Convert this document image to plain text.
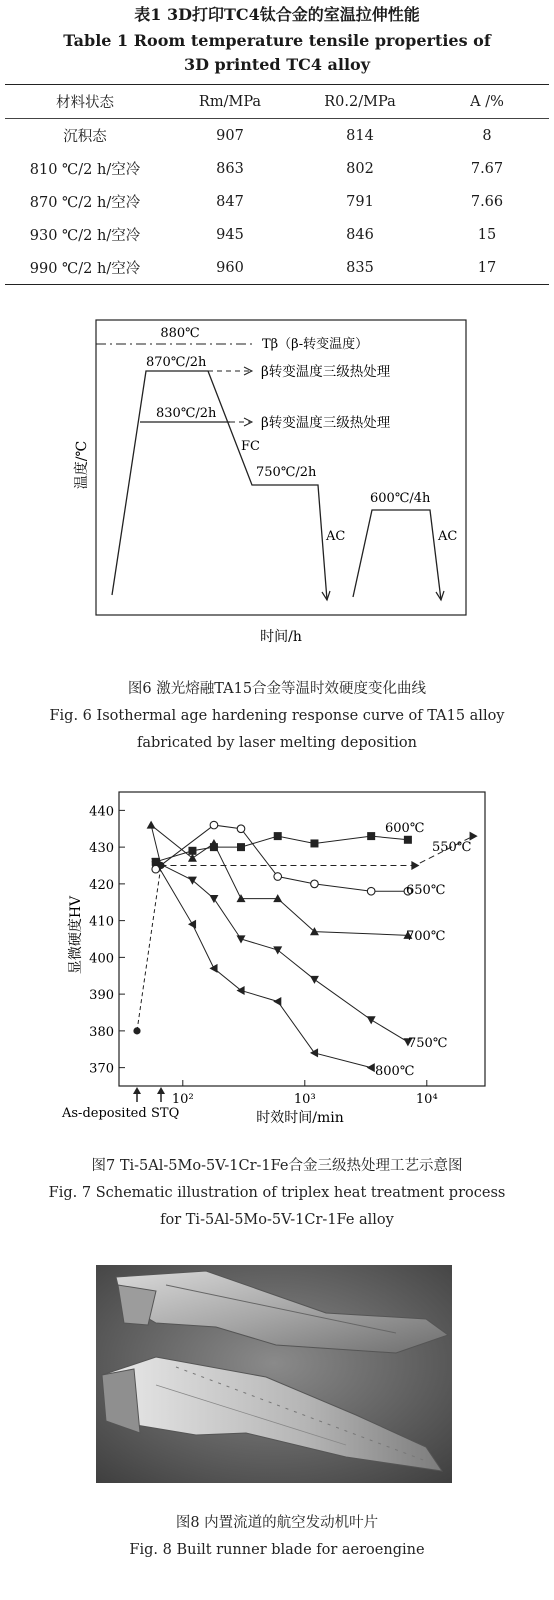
表1 3D打印TC4钛合金的室温拉伸性能
Table 1 Room temperature tensile properties of
3D printed TC4 alloy
材料状态	Rm/MPa	R0.2/MPa	A /%
沉积态	907	814	8
810 ℃/2 h/空冷	863	802	7.67
870 ℃/2 h/空冷	847	791	7.66
930 ℃/2 h/空冷	945	846	15
990 ℃/2 h/空冷	960	835	17
880℃
Tβ（β-转变温度）
870℃/2h
830℃/2h
β转变温度三级热处理
β转变温度三级热处理
FC
750℃/2h
AC
600℃/4h
AC
温度/℃
时间/h
图6 激光熔融TA15合金等温时效硬度变化曲线
Fig. 6 Isothermal age hardening response curve of TA15 alloy
fabricated by laser melting deposition
370
380
390
400
410
420
430
440
10²	10³	10⁴
As-deposited STQ
550℃
600℃
650℃
700℃
750℃
800℃
显微硬度HV
时效时间/min
图7 Ti-5Al-5Mo-5V-1Cr-1Fe合金三级热处理工艺示意图
Fig. 7 Schematic illustration of triplex heat treatment process
for Ti-5Al-5Mo-5V-1Cr-1Fe alloy
图8 内置流道的航空发动机叶片
Fig. 8 Built runner blade for aeroengine
